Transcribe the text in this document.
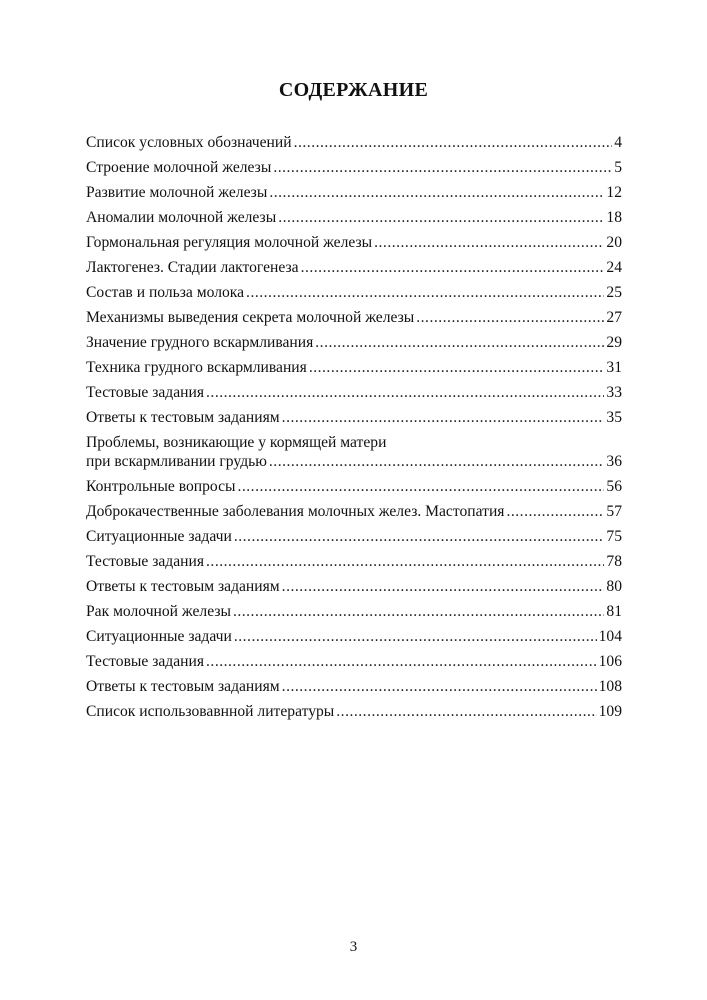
СОДЕРЖАНИЕ
Список условных обозначений .....	4
Строение молочной железы .....	5
Развитие молочной железы .....	12
Аномалии молочной железы .....	18
Гормональная регуляция молочной железы .....	20
Лактогенез. Стадии лактогенеза .....	24
Состав и польза молока .....	25
Механизмы выведения секрета молочной железы .....	27
Значение грудного вскармливания .....	29
Техника грудного вскармливания .....	31
Тестовые задания .....	33
Ответы к тестовым заданиям .....	35
Проблемы, возникающие у кормящей матери
при вскармливании грудью .....	36
Контрольные вопросы .....	56
Доброкачественные заболевания молочных желез. Мастопатия .....	57
Ситуационные задачи .....	75
Тестовые задания .....	78
Ответы к тестовым заданиям .....	80
Рак молочной железы .....	81
Ситуационные задачи .....	104
Тестовые задания .....	106
Ответы к тестовым заданиям .....	108
Список использовавнной литературы .....	109
3
